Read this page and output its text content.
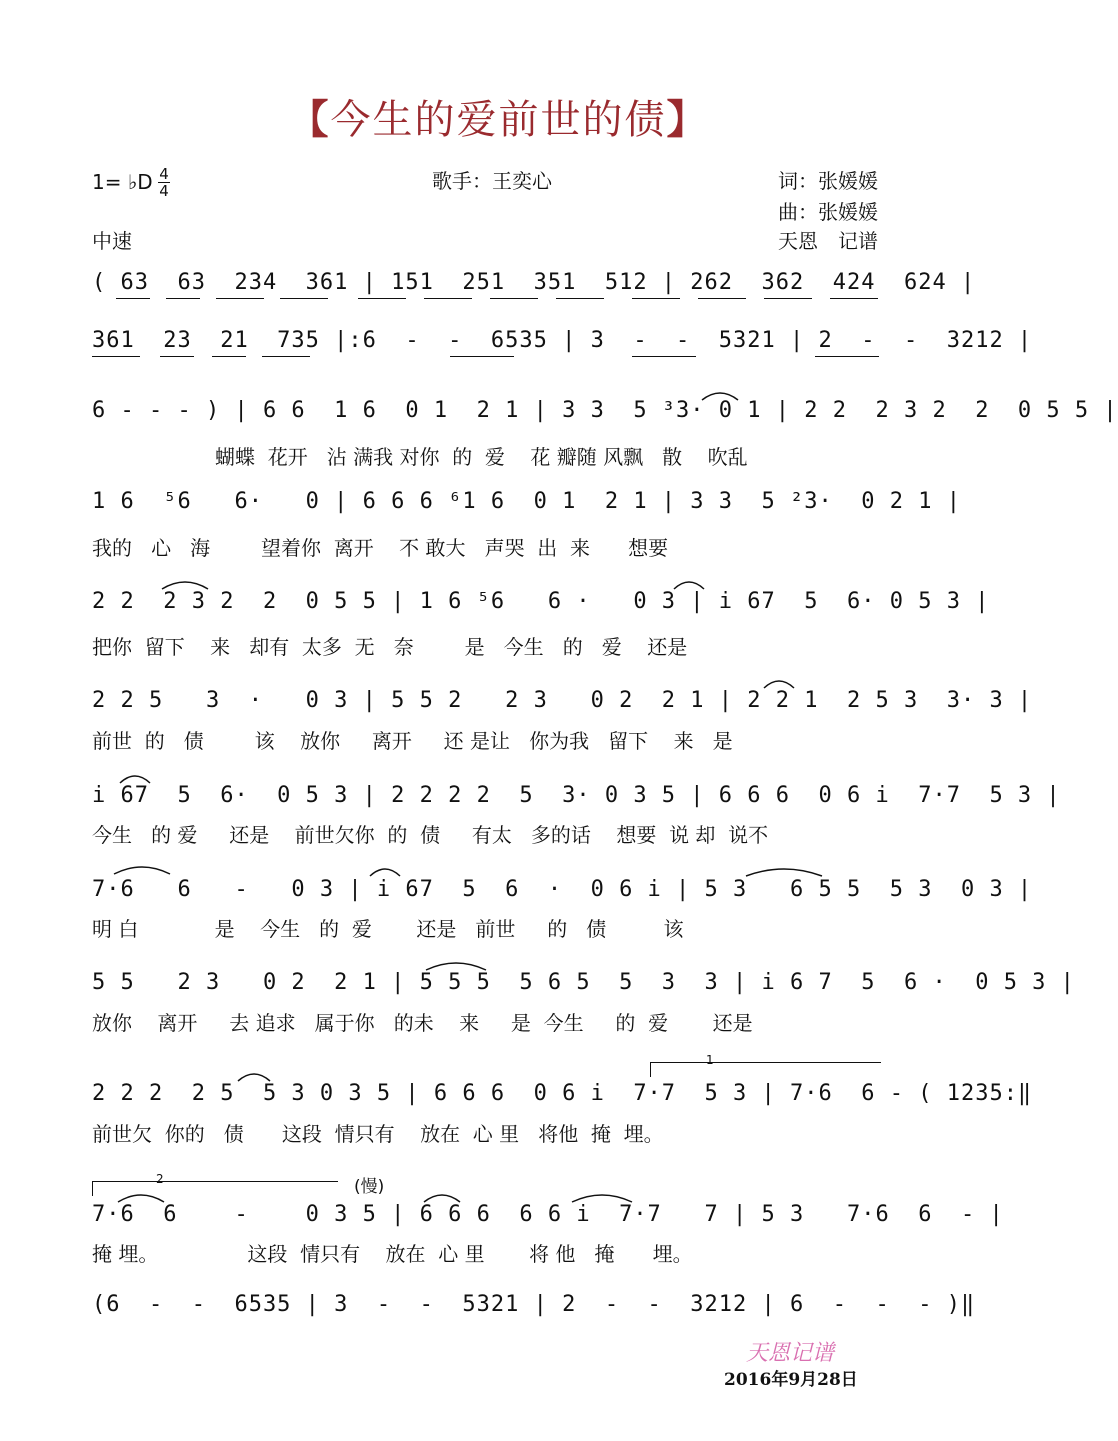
【今生的爱前世的债】
1= ♭D 4
4	歌手：王奕心	词：张媛媛
曲：张媛媛
中速	天恩　记谱
( 63  63  234  361 | 151  251  351  512 | 262  362  424  624 |
361  23  21  735 |:6  -  -  6535 | 3  -  -  5321 | 2  -  -  3212 |
6 - - - ) | 6 6  1 6  0 1  2 1 | 3 3  5 ³3· 0 1 | 2 2  2 3 2  2  0 5 5 |
蝴蝶  花开   沾 满我 对你  的  爱    花 瓣随 风飘   散    吹乱
1 6  ⁵6   6·   0 | 6 6 6 ⁶1 6  0 1  2 1 | 3 3  5 ²3·  0 2 1 |
我的   心   海        望着你  离开    不 敢大   声哭  出  来      想要
2 2  2 3 2  2  0 5 5 | 1 6 ⁵6   6 ·   0 3 | i 67  5  6· 0 5 3 |
把你  留下    来   却有  太多  无   奈        是   今生   的   爱    还是
2 2 5   3  ·   0 3 | 5 5 2   2 3   0 2  2 1 | 2 2 1  2 5 3  3· 3 |
前世  的   债        该    放你     离开     还 是让   你为我   留下    来   是
i 67  5  6·  0 5 3 | 2 2 2 2  5  3· 0 3 5 | 6 6 6  0 6 i  7·7  5 3 |
今生   的 爱     还是    前世欠你  的  债     有太   多的话    想要  说 却  说不
7·6   6   -   0 3 | i 67  5  6  ·  0 6 i | 5 3   6 5 5  5 3  0 3 |
明 白            是    今生   的  爱       还是   前世     的   债         该
5 5   2 3   0 2  2 1 | 5 5 5  5 6 5  5  3  3 | i 6 7  5  6 ·  0 5 3 |
放你    离开     去 追求   属于你   的未    来     是  今生     的  爱       还是
1
2 2 2  2 5  5 3 0 3 5 | 6 6 6  0 6 i  7·7  5 3 | 7·6  6 - ( 1235:‖
前世欠  你的   债      这段  情只有    放在  心 里   将他  掩  埋。
2	(慢)
7·6  6    -    0 3 5 | 6 6 6  6 6 i  7·7   7 | 5 3   7·6  6  - |
掩 埋。              这段  情只有    放在  心 里       将 他   掩      埋。
(6  -  -  6535 | 3  -  -  5321 | 2  -  -  3212 | 6  -  -  - )‖
天恩记谱
2016年9月28日
